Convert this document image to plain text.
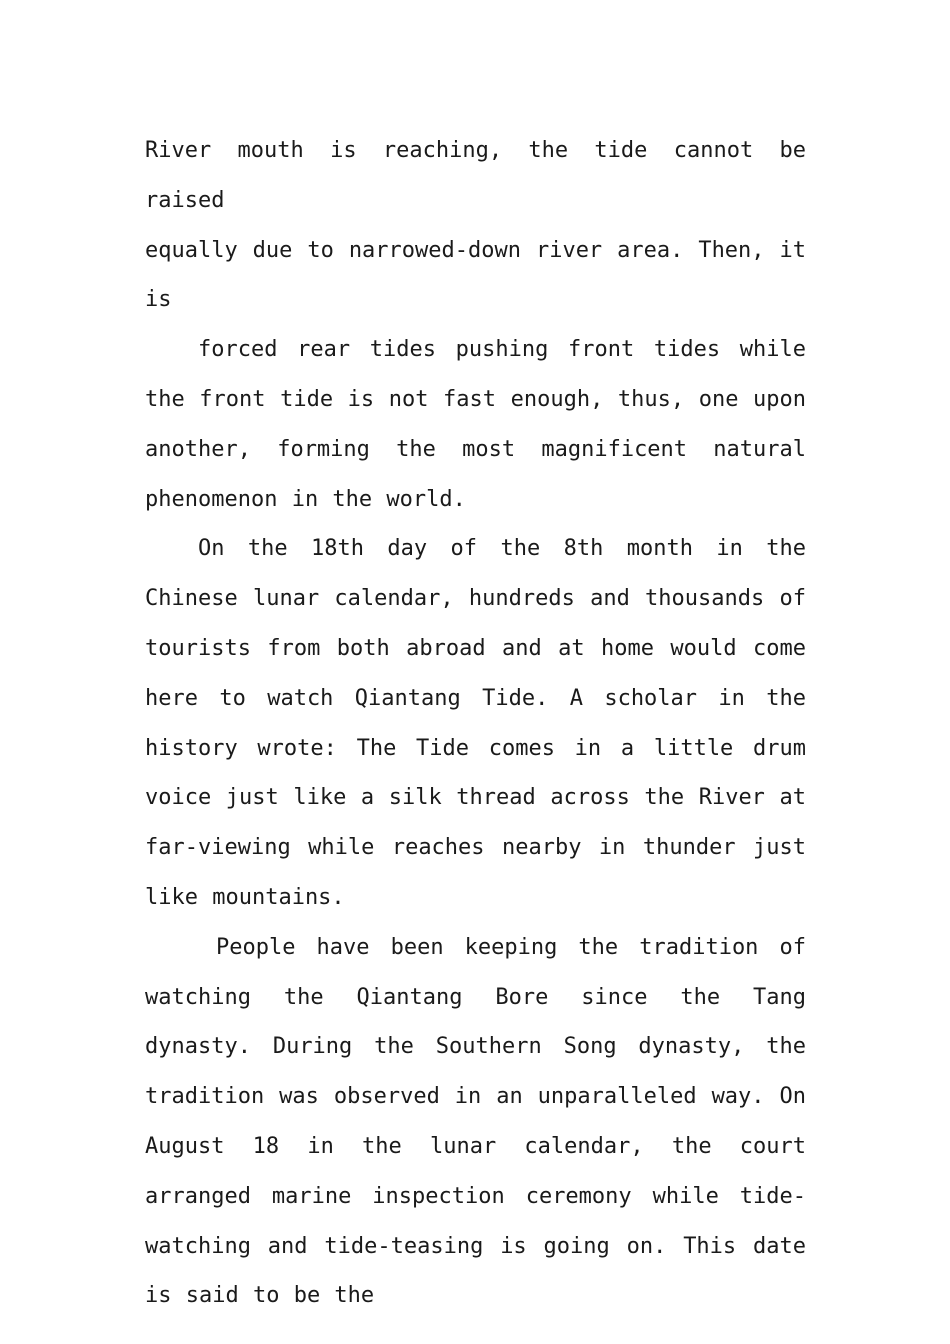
River mouth is reaching, the tide cannot be raised
equally due to narrowed-down river area. Then, it
is

forced rear tides pushing front tides while the front tide is not fast enough, thus, one upon another, forming the most magnificent natural phenomenon in the world.

On the 18th day of the 8th month in the Chinese lunar calendar, hundreds and thousands of tourists from both abroad and at home would come here to watch Qiantang Tide. A scholar in the history wrote: The Tide comes in a little drum voice just like a silk thread across the River at far-viewing while reaches nearby in thunder just like mountains.

People have been keeping the tradition of watching the Qiantang Bore since the Tang dynasty. During the Southern Song dynasty, the tradition was observed in an unparalleled way. On August 18 in the lunar calendar, the court arranged marine inspection ceremony while tide-watching and tide-teasing is going on. This date is said to be the
